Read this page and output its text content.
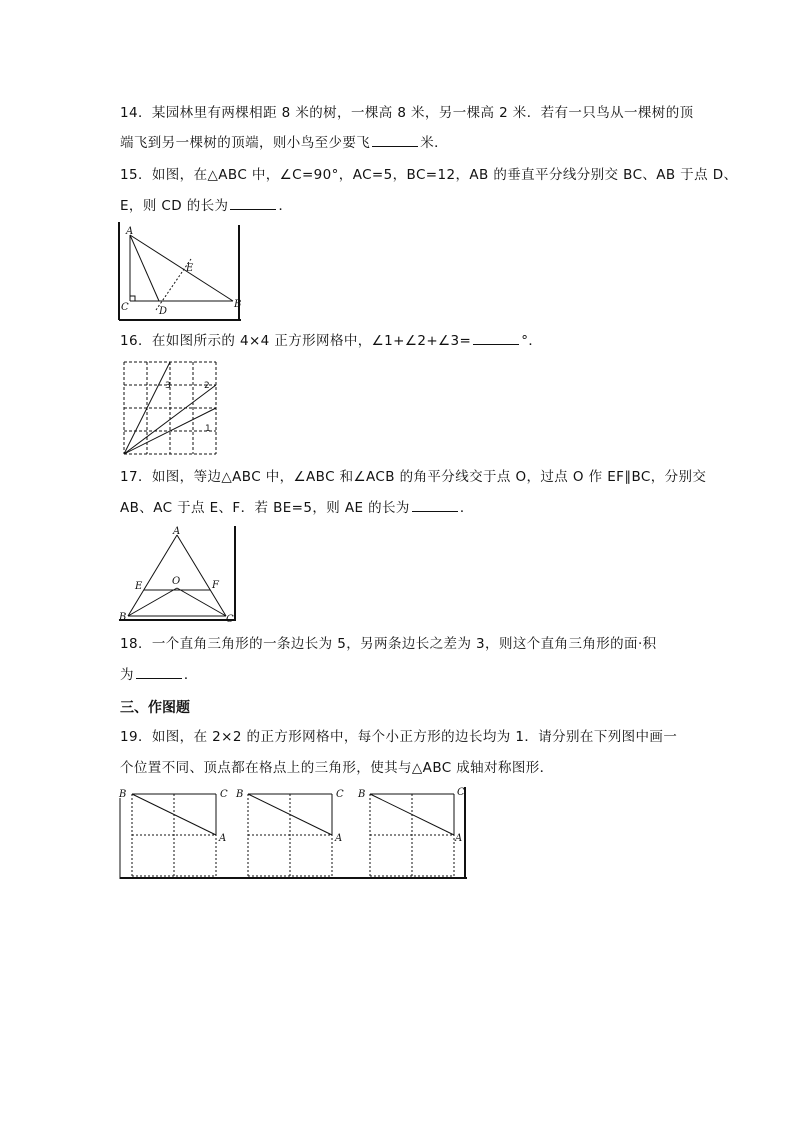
14．某园林里有两棵相距 8 米的树，一棵高 8 米，另一棵高 2 米．若有一只鸟从一棵树的顶
端飞到另一棵树的顶端，则小鸟至少要飞	米．
15．如图，在△ABC 中，∠C=90°，AC=5，BC=12，AB 的垂直平分线分别交 BC、AB 于点 D、
E，则 CD 的长为	．
A
B
C	D
E
16．在如图所示的 4×4 正方形网格中，∠1+∠2+∠3=	°．
3	2
1
17．如图，等边△ABC 中，∠ABC 和∠ACB 的角平分线交于点 O，过点 O 作 EF∥BC，分别交
AB、AC 于点 E、F．若 BE=5，则 AE 的长为	．
A
B	C
E	F
O
18．一个直角三角形的一条边长为 5，另两条边长之差为 3，则这个直角三角形的面·积
为	．
三、作图题
19．如图，在 2×2 的正方形网格中，每个小正方形的边长均为 1．请分别在下列图中画一
个位置不同、顶点都在格点上的三角形，使其与△ABC 成轴对称图形．
B	C
A
B	C
A
B	C
A
